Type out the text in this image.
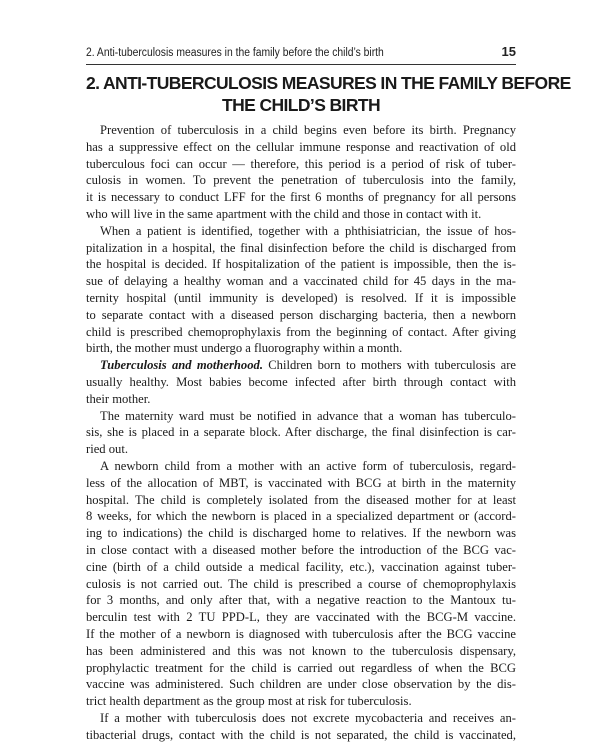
2. Anti-tuberculosis measures in the family before the child’s birth	15
2. ANTI-TUBERCULOSIS MEASURES IN THE FAMILY BEFORE
THE CHILD’S BIRTH
Prevention of tuberculosis in a child begins even before its birth. Pregnancy
has a suppressive effect on the cellular immune response and reactivation of old
tuberculous foci can occur — therefore, this period is a period of risk of tuber-
culosis in women. To prevent the penetration of tuberculosis into the family,
it is necessary to conduct LFF for the first 6 months of pregnancy for all persons
who will live in the same apartment with the child and those in contact with it.
When a patient is identified, together with a phthisiatrician, the issue of hos-
pitalization in a hospital, the final disinfection before the child is discharged from
the hospital is decided. If hospitalization of the patient is impossible, then the is-
sue of delaying a healthy woman and a vaccinated child for 45 days in the ma-
ternity hospital (until immunity is developed) is resolved. If it is impossible
to separate contact with a diseased person discharging bacteria, then a newborn
child is prescribed chemoprophylaxis from the beginning of contact. After giving
birth, the mother must undergo a fluorography within a month.
Tuberculosis and motherhood. Children born to mothers with tuberculosis are
usually healthy. Most babies become infected after birth through contact with
their mother.
The maternity ward must be notified in advance that a woman has tuberculo-
sis, she is placed in a separate block. After discharge, the final disinfection is car-
ried out.
A newborn child from a mother with an active form of tuberculosis, regard-
less of the allocation of MBT, is vaccinated with BCG at birth in the maternity
hospital. The child is completely isolated from the diseased mother for at least
8 weeks, for which the newborn is placed in a specialized department or (accord-
ing to indications) the child is discharged home to relatives. If the newborn was
in close contact with a diseased mother before the introduction of the BCG vac-
cine (birth of a child outside a medical facility, etc.), vaccination against tuber-
culosis is not carried out. The child is prescribed a course of chemoprophylaxis
for 3 months, and only after that, with a negative reaction to the Mantoux tu-
berculin test with 2 TU PPD-L, they are vaccinated with the BCG-M vaccine.
If the mother of a newborn is diagnosed with tuberculosis after the BCG vaccine
has been administered and this was not known to the tuberculosis dispensary,
prophylactic treatment for the child is carried out regardless of when the BCG
vaccine was administered. Such children are under close observation by the dis-
trict health department as the group most at risk for tuberculosis.
If a mother with tuberculosis does not excrete mycobacteria and receives an-
tibacterial drugs, contact with the child is not separated, the child is vaccinated,
